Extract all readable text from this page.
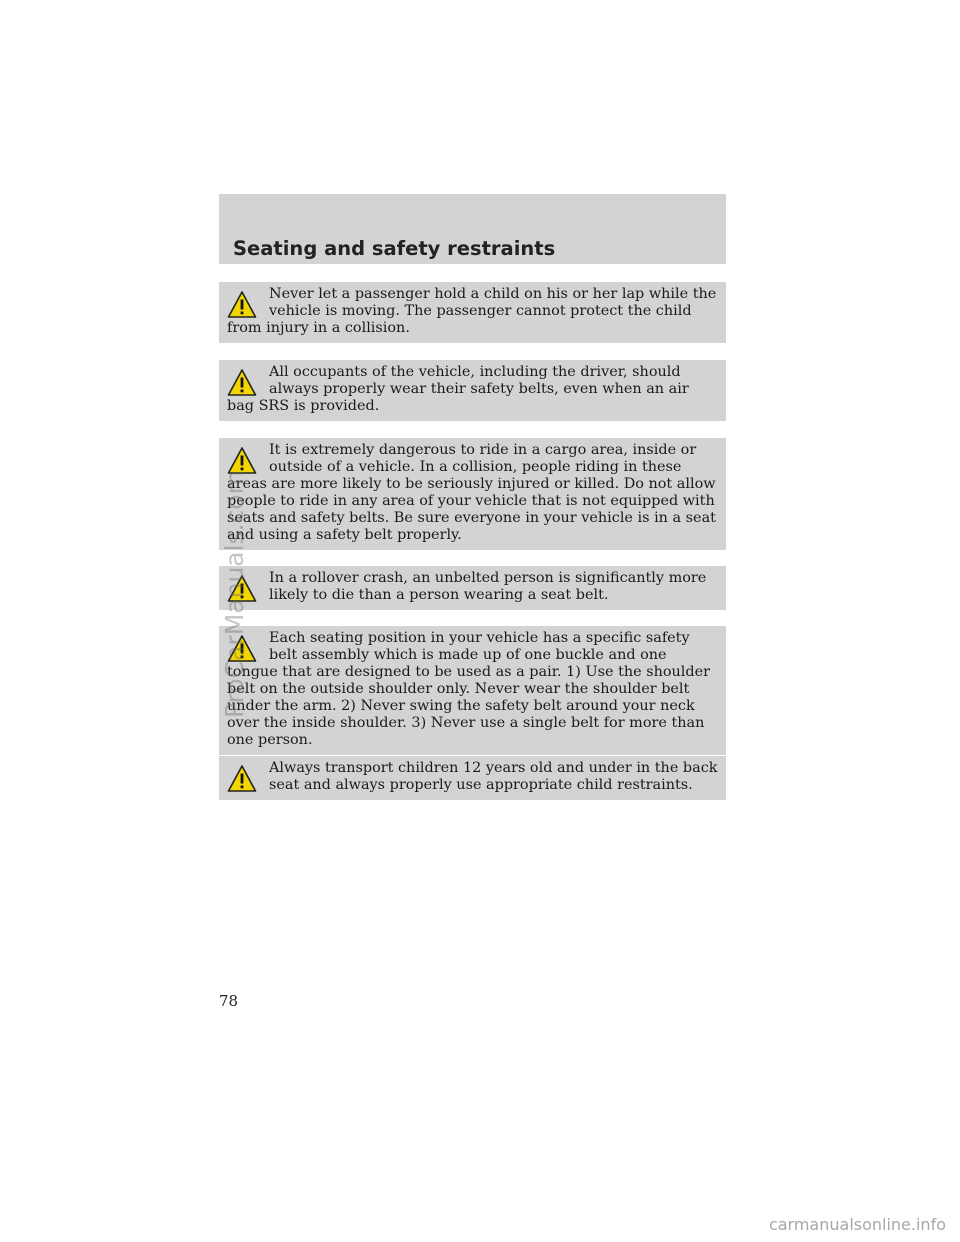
Seating and safety restraints

Never let a passenger hold a child on his or her lap while the vehicle is moving. The passenger cannot protect the child from injury in a collision.

All occupants of the vehicle, including the driver, should always properly wear their safety belts, even when an air bag SRS is provided.

It is extremely dangerous to ride in a cargo area, inside or outside of a vehicle. In a collision, people riding in these areas are more likely to be seriously injured or killed. Do not allow people to ride in any area of your vehicle that is not equipped with seats and safety belts. Be sure everyone in your vehicle is in a seat and using a safety belt properly.

In a rollover crash, an unbelted person is significantly more likely to die than a person wearing a seat belt.

Each seating position in your vehicle has a specific safety belt assembly which is made up of one buckle and one tongue that are designed to be used as a pair. 1) Use the shoulder belt on the outside shoulder only. Never wear the shoulder belt under the arm. 2) Never swing the safety belt around your neck over the inside shoulder. 3) Never use a single belt for more than one person.

Always transport children 12 years old and under in the back seat and always properly use appropriate child restraints.

78

ProCarManuals.com
carmanualsonline.info
